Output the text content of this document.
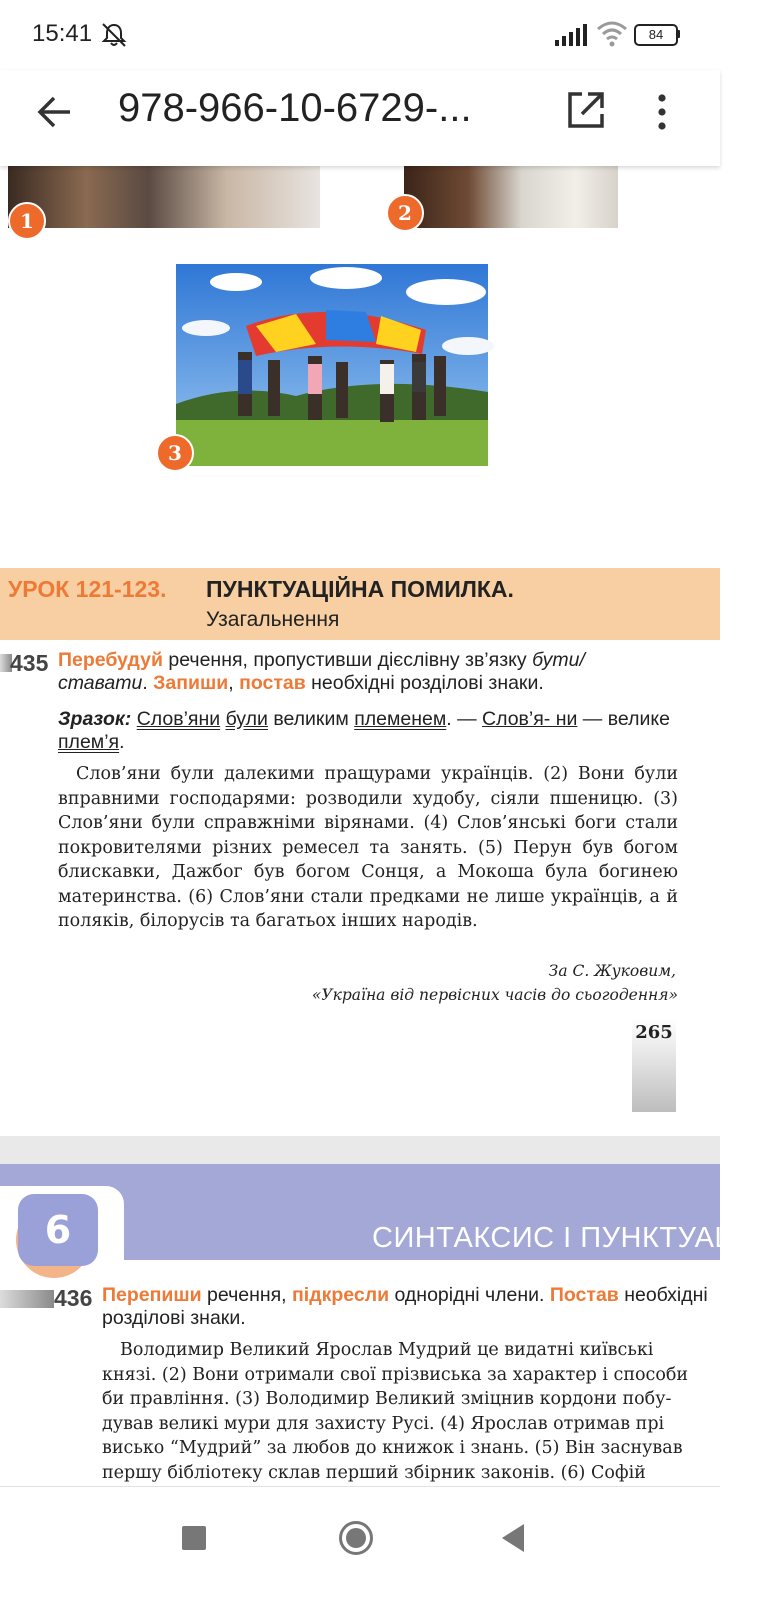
15:41	84
978-966-10-6729-...
1	2
3
УРОК 121-123. ПУНКТУАЦІЙНА ПОМИЛКА.
Узагальнення
435 Перебудуй речення, пропустивши дієслівну зв’язку бути/ ставати. Запиши, постав необхідні розділові знаки.
Зразок: Слов’яни були великим племенем. — Слов’я- ни — велике плем’я.
Слов’яни були далекими пращурами українців. (2) Вони були вправними господарями: розводили худобу, сіяли пшеницю. (3) Слов’яни були справжніми вірянами. (4) Слов’янські боги стали покровителями різних ремесел та занять. (5) Перун був богом блискавки, Дажбог був богом Сонця, а Мокоша була богинею материнства. (6) Слов’яни стали предками не лише українців, а й поляків, білорусів та багатьох інших народів.
За С. Жуковим,
«Україна від первісних часів до сьогодення»
265
СИНТАКСИС І ПУНКТУАЦІЯ
6
436 Перепиши речення, підкресли однорідні члени. Постав необхідні розділові знаки.
Володимир Великий Ярослав Мудрий це видатні київські
князі. (2) Вони отримали свої прізвиська за характер і способи
би правління. (3) Володимир Великий зміцнив кордони побу-
дував великі мури для захисту Русі. (4) Ярослав отримав прі
висько “Мудрий” за любов до книжок і знань. (5) Він заснував
першу бібліотеку склав перший збірник законів. (6) Софій
